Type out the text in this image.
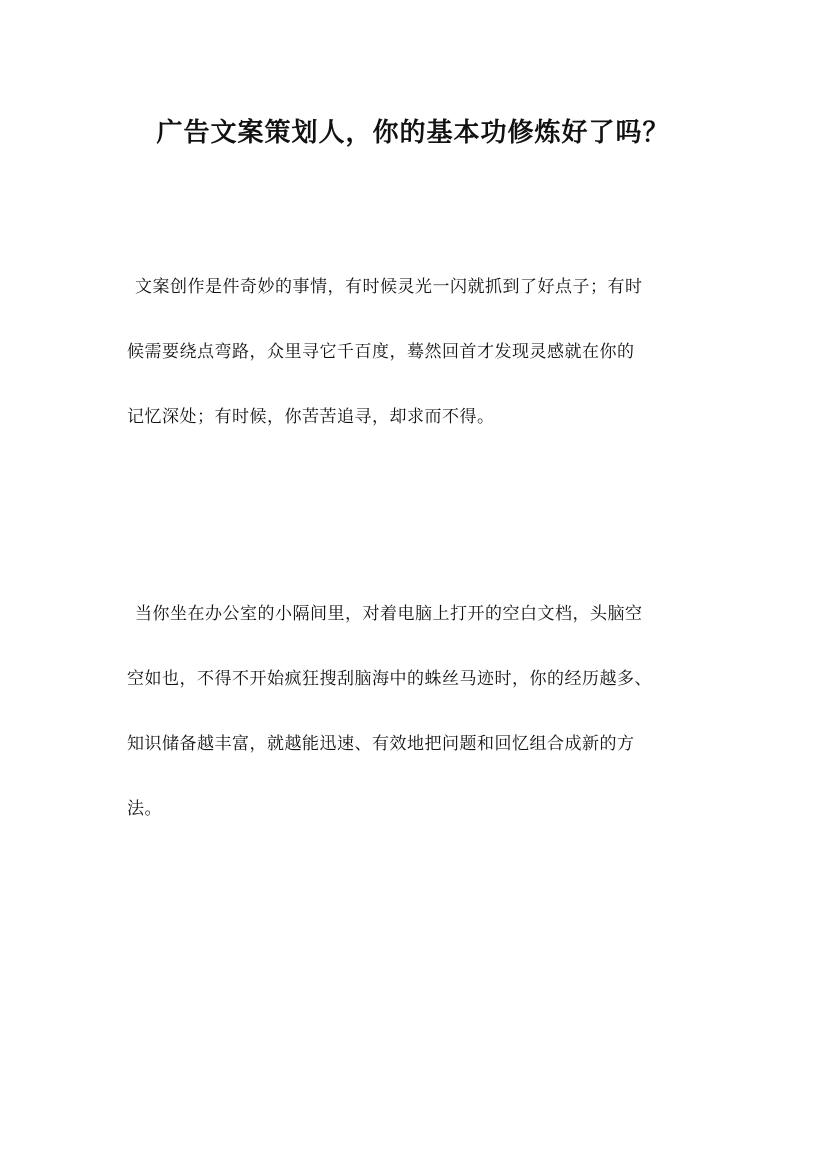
广告文案策划人，你的基本功修炼好了吗？
文案创作是件奇妙的事情，有时候灵光一闪就抓到了好点子；有时
候需要绕点弯路，众里寻它千百度，蓦然回首才发现灵感就在你的
记忆深处；有时候，你苦苦追寻，却求而不得。
当你坐在办公室的小隔间里，对着电脑上打开的空白文档，头脑空
空如也，不得不开始疯狂搜刮脑海中的蛛丝马迹时，你的经历越多、
知识储备越丰富，就越能迅速、有效地把问题和回忆组合成新的方
法。
